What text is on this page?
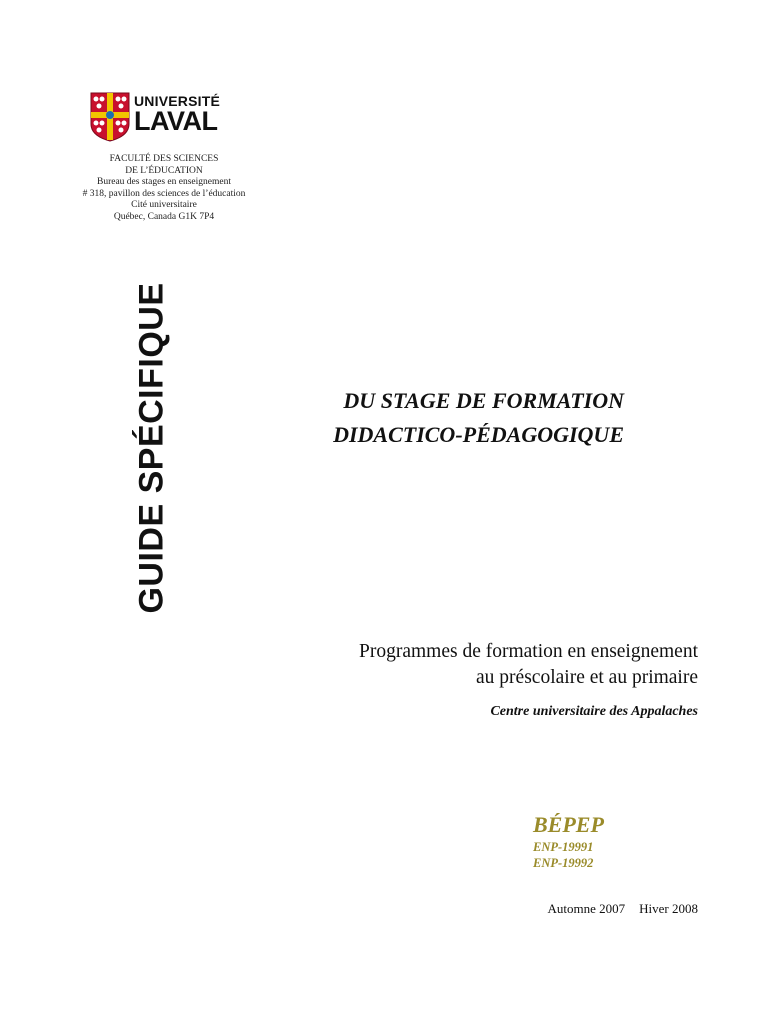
UNIVERSITÉ
LAVAL
FACULTÉ DES SCIENCES
DE L’ÉDUCATION
Bureau des stages en enseignement
# 318, pavillon des sciences de l’éducation
Cité universitaire
Québec, Canada G1K 7P4
GUIDE SPÉCIFIQUE	DU STAGE DE FORMATION
DIDACTICO-PÉDAGOGIQUE
Programmes de formation en enseignement
au préscolaire et au primaire
Centre universitaire des Appalaches
BÉPEP
ENP-19991
ENP-19992
Automne 2007 Hiver 2008
